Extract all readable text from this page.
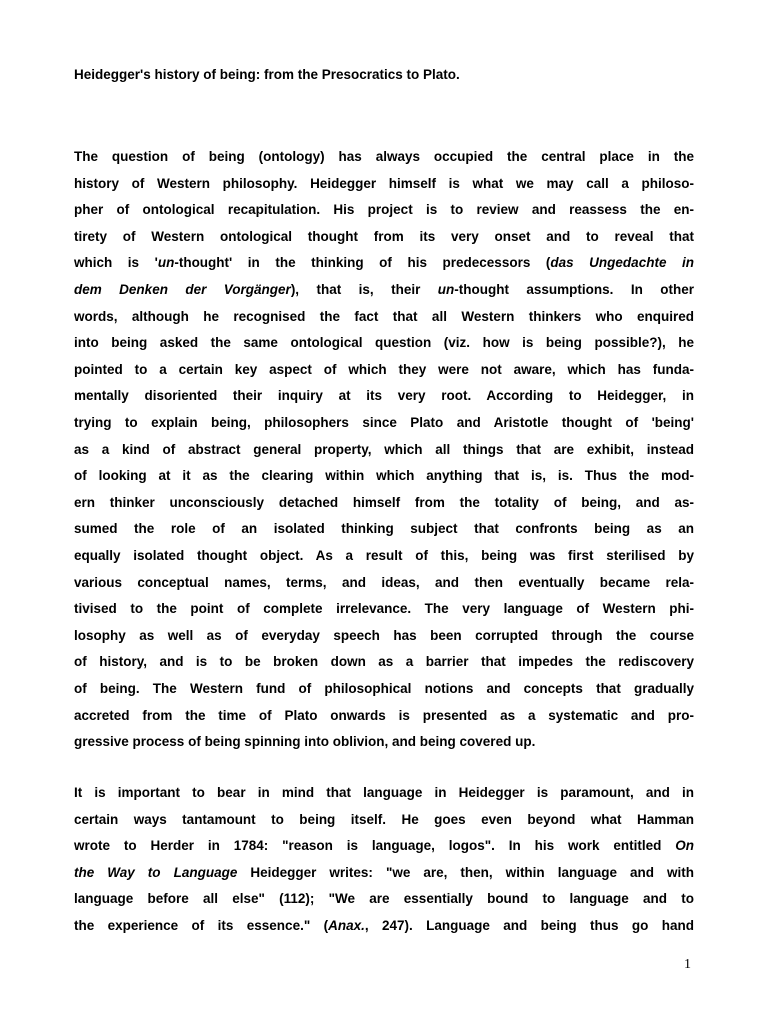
Heidegger's history of being: from the Presocratics to Plato.
The question of being (ontology) has always occupied the central place in the
history of Western philosophy. Heidegger himself is what we may call a philoso-
pher of ontological recapitulation. His project is to review and reassess the en-
tirety of Western ontological thought from its very onset and to reveal that
which is 'un-thought' in the thinking of his predecessors (das Ungedachte in
dem Denken der Vorgänger), that is, their un-thought assumptions. In other
words, although he recognised the fact that all Western thinkers who enquired
into being asked the same ontological question (viz. how is being possible?), he
pointed to a certain key aspect of which they were not aware, which has funda-
mentally disoriented their inquiry at its very root. According to Heidegger, in
trying to explain being, philosophers since Plato and Aristotle thought of 'being'
as a kind of abstract general property, which all things that are exhibit, instead
of looking at it as the clearing within which anything that is, is. Thus the mod-
ern thinker unconsciously detached himself from the totality of being, and as-
sumed the role of an isolated thinking subject that confronts being as an
equally isolated thought object. As a result of this, being was first sterilised by
various conceptual names, terms, and ideas, and then eventually became rela-
tivised to the point of complete irrelevance. The very language of Western phi-
losophy as well as of everyday speech has been corrupted through the course
of history, and is to be broken down as a barrier that impedes the rediscovery
of being. The Western fund of philosophical notions and concepts that gradually
accreted from the time of Plato onwards is presented as a systematic and pro-
gressive process of being spinning into oblivion, and being covered up.
It is important to bear in mind that language in Heidegger is paramount, and in
certain ways tantamount to being itself. He goes even beyond what Hamman
wrote to Herder in 1784: "reason is language, logos". In his work entitled On
the Way to Language Heidegger writes: "we are, then, within language and with
language before all else" (112); "We are essentially bound to language and to
the experience of its essence." (Anax., 247). Language and being thus go hand
1
